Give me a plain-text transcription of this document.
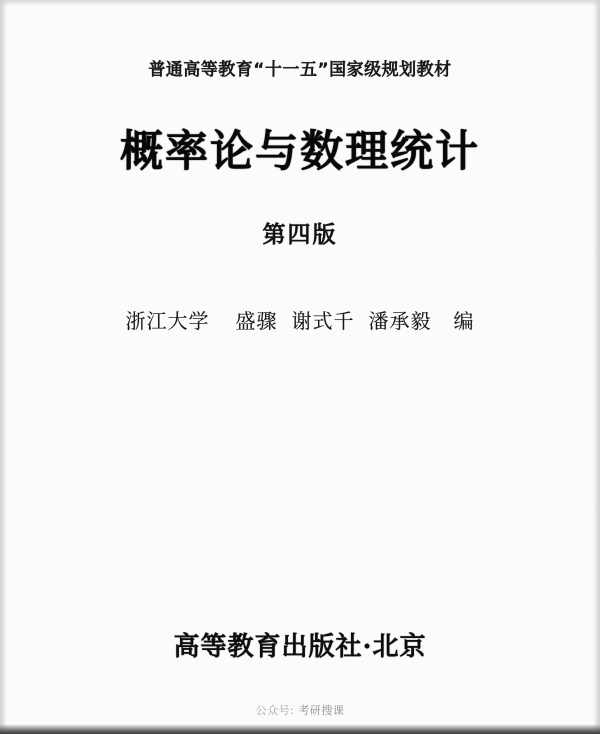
普通高等教育“十一五”国家级规划教材
概率论与数理统计
第四版
浙江大学 盛骤 谢式千 潘承毅 编
高等教育出版社·北京
公众号: 考研搜课
